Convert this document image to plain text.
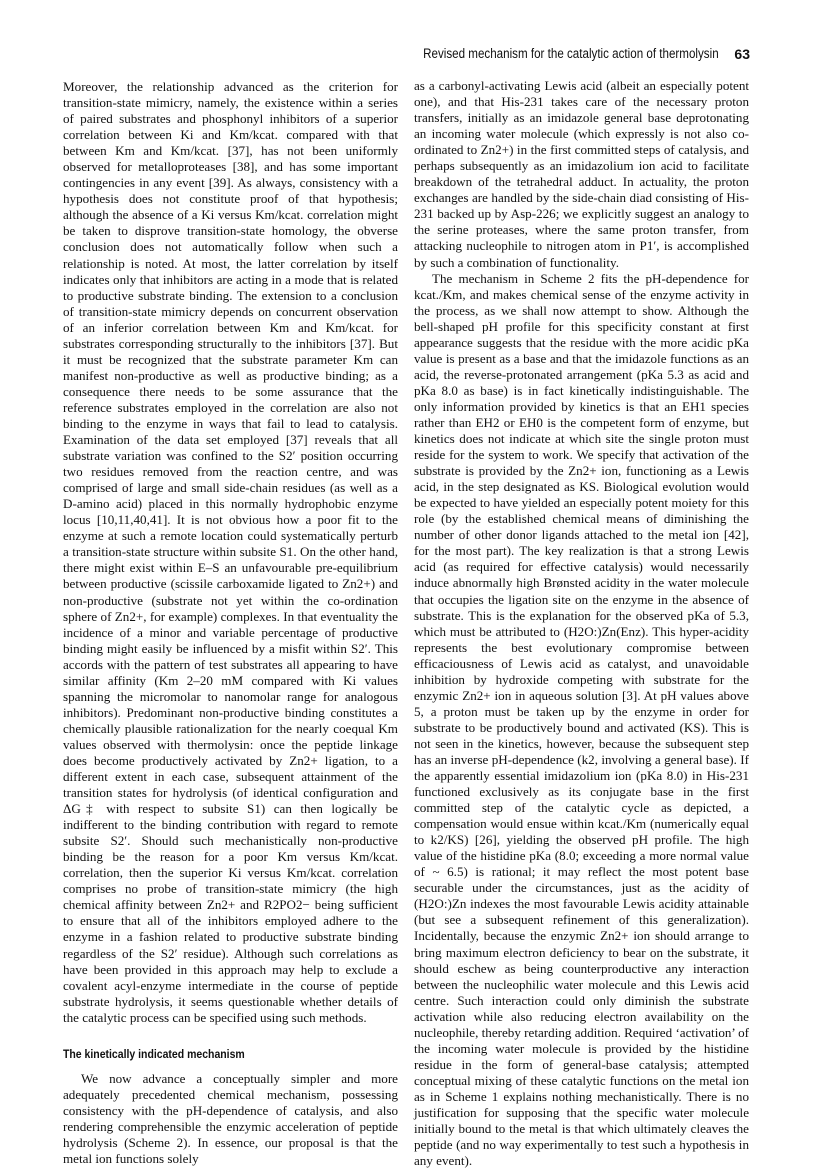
Revised mechanism for the catalytic action of thermolysin 63

Moreover, the relationship advanced as the criterion for transition-state mimicry, namely, the existence within a series of paired substrates and phosphonyl inhibitors of a superior correlation between Ki and Km/kcat. compared with that between Km and Km/kcat. [37], has not been uniformly observed for metalloproteases [38], and has some important contingencies in any event [39]. As always, consistency with a hypothesis does not constitute proof of that hypothesis; although the absence of a Ki versus Km/kcat. correlation might be taken to disprove transition-state homology, the obverse conclusion does not automatically follow when such a relationship is noted. At most, the latter correlation by itself indicates only that inhibitors are acting in a mode that is related to productive substrate binding. The extension to a conclusion of transition-state mimicry depends on concurrent observation of an inferior correlation between Km and Km/kcat. for substrates corresponding structurally to the inhibitors [37]. But it must be recognized that the substrate parameter Km can manifest non-productive as well as productive binding; as a consequence there needs to be some assurance that the reference substrates employed in the correlation are also not binding to the enzyme in ways that fail to lead to catalysis. Examination of the data set employed [37] reveals that all substrate variation was confined to the S2′ position occurring two residues removed from the reaction centre, and was comprised of large and small side-chain residues (as well as a D-amino acid) placed in this normally hydrophobic enzyme locus [10,11,40,41]. It is not obvious how a poor fit to the enzyme at such a remote location could systematically perturb a transition-state structure within subsite S1. On the other hand, there might exist within E–S an unfavourable pre-equilibrium between productive (scissile carboxamide ligated to Zn2+) and non-productive (substrate not yet within the co-ordination sphere of Zn2+, for example) complexes. In that eventuality the incidence of a minor and variable percentage of productive binding might easily be influenced by a misfit within S2′. This accords with the pattern of test substrates all appearing to have similar affinity (Km 2–20 mM compared with Ki values spanning the micromolar to nanomolar range for analogous inhibitors). Predominant non-productive binding constitutes a chemically plausible rationalization for the nearly coequal Km values observed with thermolysin: once the peptide linkage does become productively activated by Zn2+ ligation, to a different extent in each case, subsequent attainment of the transition states for hydrolysis (of identical configuration and ΔG‡ with respect to subsite S1) can then logically be indifferent to the binding contribution with regard to remote subsite S2′. Should such mechanistically non-productive binding be the reason for a poor Km versus Km/kcat. correlation, then the superior Ki versus Km/kcat. correlation comprises no probe of transition-state mimicry (the high chemical affinity between Zn2+ and R2PO2− being sufficient to ensure that all of the inhibitors employed adhere to the enzyme in a fashion related to productive substrate binding regardless of the S2′ residue). Although such correlations as have been provided in this approach may help to exclude a covalent acyl-enzyme intermediate in the course of peptide substrate hydrolysis, it seems questionable whether details of the catalytic process can be specified using such methods.

The kinetically indicated mechanism

We now advance a conceptually simpler and more adequately precedented chemical mechanism, possessing consistency with the pH-dependence of catalysis, and also rendering comprehensible the enzymic acceleration of peptide hydrolysis (Scheme 2). In essence, our proposal is that the metal ion functions solely

as a carbonyl-activating Lewis acid (albeit an especially potent one), and that His-231 takes care of the necessary proton transfers, initially as an imidazole general base deprotonating an incoming water molecule (which expressly is not also co-ordinated to Zn2+) in the first committed steps of catalysis, and perhaps subsequently as an imidazolium ion acid to facilitate breakdown of the tetrahedral adduct. In actuality, the proton exchanges are handled by the side-chain diad consisting of His-231 backed up by Asp-226; we explicitly suggest an analogy to the serine proteases, where the same proton transfer, from attacking nucleophile to nitrogen atom in P1′, is accomplished by such a combination of functionality.

The mechanism in Scheme 2 fits the pH-dependence for kcat./Km, and makes chemical sense of the enzyme activity in the process, as we shall now attempt to show. Although the bell-shaped pH profile for this specificity constant at first appearance suggests that the residue with the more acidic pKa value is present as a base and that the imidazole functions as an acid, the reverse-protonated arrangement (pKa 5.3 as acid and pKa 8.0 as base) is in fact kinetically indistinguishable. The only information provided by kinetics is that an EH1 species rather than EH2 or EH0 is the competent form of enzyme, but kinetics does not indicate at which site the single proton must reside for the system to work. We specify that activation of the substrate is provided by the Zn2+ ion, functioning as a Lewis acid, in the step designated as KS. Biological evolution would be expected to have yielded an especially potent moiety for this role (by the established chemical means of diminishing the number of other donor ligands attached to the metal ion [42], for the most part). The key realization is that a strong Lewis acid (as required for effective catalysis) would necessarily induce abnormally high Brønsted acidity in the water molecule that occupies the ligation site on the enzyme in the absence of substrate. This is the explanation for the observed pKa of 5.3, which must be attributed to (H2O:)Zn(Enz). This hyper-acidity represents the best evolutionary compromise between efficaciousness of Lewis acid as catalyst, and unavoidable inhibition by hydroxide competing with substrate for the enzymic Zn2+ ion in aqueous solution [3]. At pH values above 5, a proton must be taken up by the enzyme in order for substrate to be productively bound and activated (KS). This is not seen in the kinetics, however, because the subsequent step has an inverse pH-dependence (k2, involving a general base). If the apparently essential imidazolium ion (pKa 8.0) in His-231 functioned exclusively as its conjugate base in the first committed step of the catalytic cycle as depicted, a compensation would ensue within kcat./Km (numerically equal to k2/KS) [26], yielding the observed pH profile. The high value of the histidine pKa (8.0; exceeding a more normal value of ~ 6.5) is rational; it may reflect the most potent base securable under the circumstances, just as the acidity of (H2O:)Zn indexes the most favourable Lewis acidity attainable (but see a subsequent refinement of this generalization). Incidentally, because the enzymic Zn2+ ion should arrange to bring maximum electron deficiency to bear on the substrate, it should eschew as being counterproductive any interaction between the nucleophilic water molecule and this Lewis acid centre. Such interaction could only diminish the substrate activation while also reducing electron availability on the nucleophile, thereby retarding addition. Required ‘activation’ of the incoming water molecule is provided by the histidine residue in the form of general-base catalysis; attempted conceptual mixing of these catalytic functions on the metal ion as in Scheme 1 explains nothing mechanistically. There is no justification for supposing that the specific water molecule initially bound to the metal is that which ultimately cleaves the peptide (and no way experimentally to test such a hypothesis in any event).
